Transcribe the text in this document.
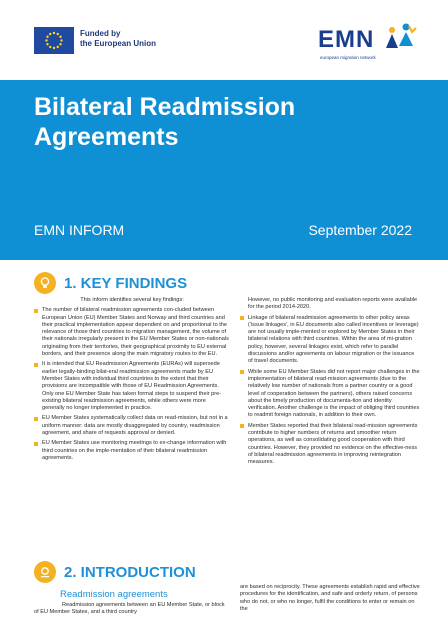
Funded by
the European Union	EMN
european migration network
Bilateral Readmission
Agreements
EMN INFORM	September 2022
1. KEY FINDINGS

This inform identifies several key findings:

The number of bilateral readmission agreements con-cluded between European Union (EU) Member States and Norway and third countries and their practical implementation appear dependent on and proportional to the relevance of those third countries to migration management, the volume of their nationals irregularly present in the EU Member States or non-nationals originating from their territories, their geographical proximity to EU external borders, and their presence along the main migratory routes to the EU.
It is intended that EU Readmission Agreements (EURAs) will supersede earlier legally-binding bilat-eral readmission agreements made by EU Member States with individual third countries to the extent that their provisions are incompatible with those of EU Readmission Agreements. Only one EU Member State has taken formal steps to suspend their pre-existing bilateral readmission agreements, while others were more generally no longer implemented in practice.
EU Member States systematically collect data on read-mission, but not in a uniform manner: data are mostly disaggregated by country, readmission agreement, and share of requests approval or denied.
EU Member States use monitoring meetings to ex-change information with third countries on the imple-mentation of their bilateral readmission agreements.

However, no public monitoring and evaluation reports were available for the period 2014-2020.

Linkage of bilateral readmission agreements to other policy areas ('issue linkages', in EU documents also called incentives or leverage) are not usually imple-mented or explored by Member States in their bilateral relations with third countries. Within the area of mi-gration policy, however, several linkages exist, which refer to parallel discussions and/or agreements on labour migration or the issuance of travel documents.
While some EU Member States did not report major challenges in the implementation of bilateral read-mission agreements (due to the relatively low number of nationals from a partner country or a good level of cooperation between the partners), others raised concerns about the timely production of documenta-tion and identity verification. Another challenge is the impact of obliging third countries to readmit foreign nationals, in addition to their own.
Member States reported that their bilateral read-mission agreements contribute to higher numbers of returns and smoother return operations, as well as consolidating good cooperation with third countries. However, they provided no evidence on the effective-ness of bilateral readmission agreements in improving reintegration measures.
2. INTRODUCTION
Readmission agreements
Readmission agreements between an EU Member State, or block of EU Member States, and a third country
are based on reciprocity. These agreements establish rapid and effective procedures for the identification, and safe and orderly return, of persons who do not, or who no longer, fulfil the conditions to enter or remain on the
